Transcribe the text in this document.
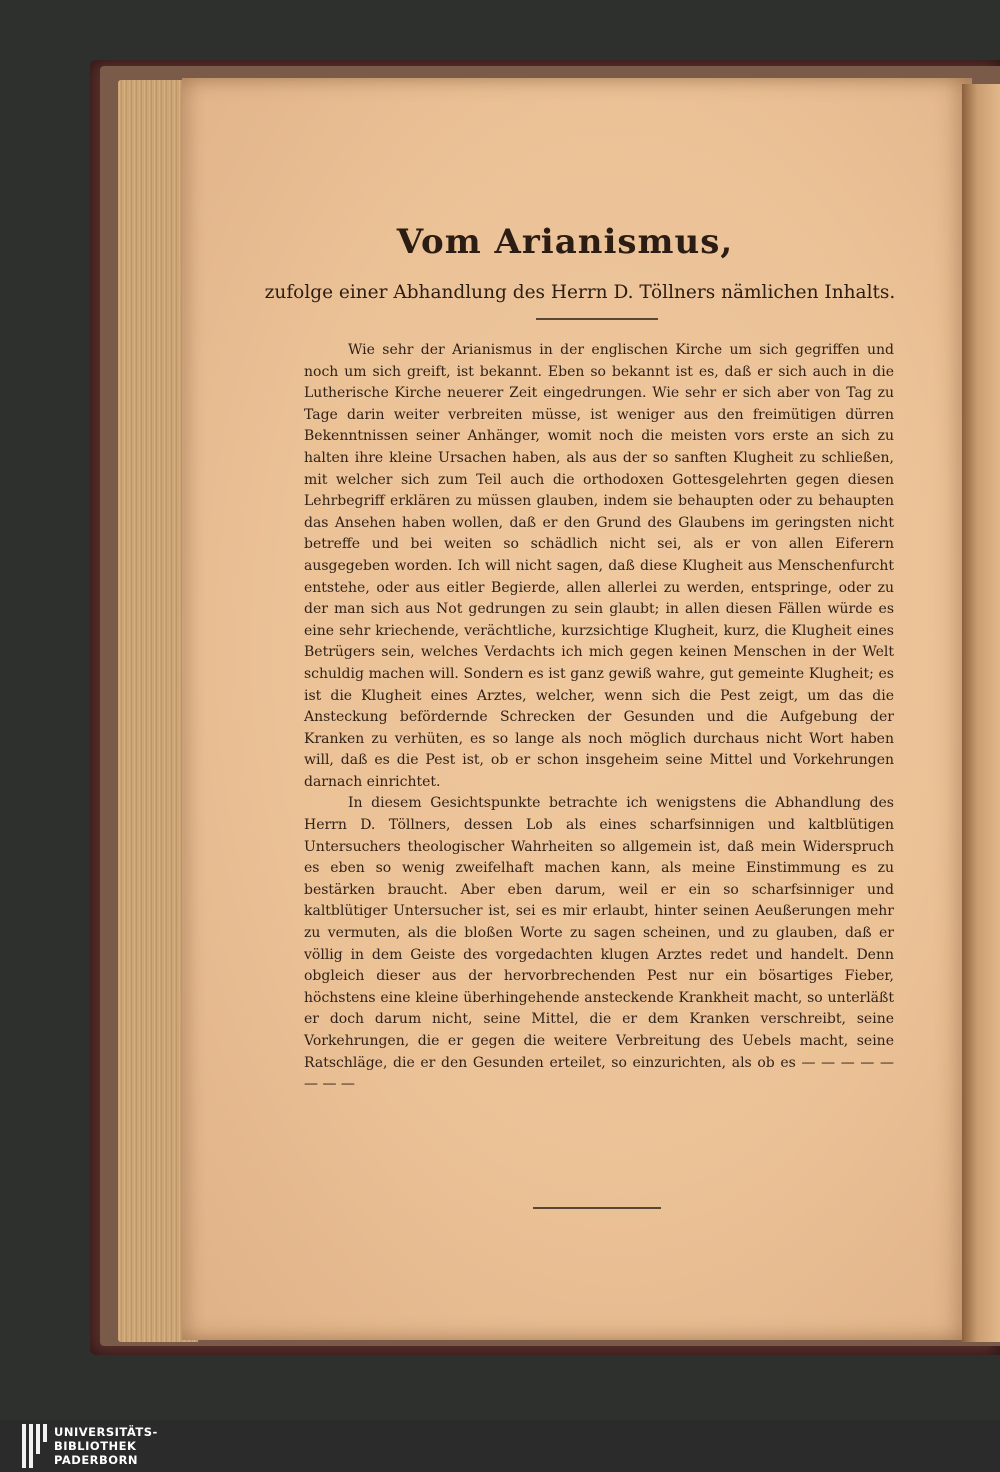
Vom Arianismus,
zufolge einer Abhandlung des Herrn D. Töllners nämlichen Inhalts.

Wie sehr der Arianismus in der englischen Kirche um sich gegriffen und noch um sich greift, ist bekannt. Eben so bekannt ist es, daß er sich auch in die Lutherische Kirche neuerer Zeit eingedrungen. Wie sehr er sich aber von Tag zu Tage darin weiter verbreiten müsse, ist weniger aus den freimütigen dürren Bekenntnissen seiner Anhänger, womit noch die meisten vors erste an sich zu halten ihre kleine Ursachen haben, als aus der so sanften Klugheit zu schließen, mit welcher sich zum Teil auch die orthodoxen Gottesgelehrten gegen diesen Lehrbegriff erklären zu müssen glauben, indem sie behaupten oder zu behaupten das Ansehen haben wollen, daß er den Grund des Glaubens im geringsten nicht betreffe und bei weiten so schädlich nicht sei, als er von allen Eiferern ausgegeben worden. Ich will nicht sagen, daß diese Klugheit aus Menschenfurcht entstehe, oder aus eitler Begierde, allen allerlei zu werden, entspringe, oder zu der man sich aus Not gedrungen zu sein glaubt; in allen diesen Fällen würde es eine sehr kriechende, verächtliche, kurzsichtige Klugheit, kurz, die Klugheit eines Betrügers sein, welches Verdachts ich mich gegen keinen Menschen in der Welt schuldig machen will. Sondern es ist ganz gewiß wahre, gut gemeinte Klugheit; es ist die Klugheit eines Arztes, welcher, wenn sich die Pest zeigt, um das die Ansteckung befördernde Schrecken der Gesunden und die Aufgebung der Kranken zu verhüten, es so lange als noch möglich durchaus nicht Wort haben will, daß es die Pest ist, ob er schon insgeheim seine Mittel und Vorkehrungen darnach einrichtet.

In diesem Gesichtspunkte betrachte ich wenigstens die Abhandlung des Herrn D. Töllners, dessen Lob als eines scharfsinnigen und kaltblütigen Untersuchers theologischer Wahrheiten so allgemein ist, daß mein Widerspruch es eben so wenig zweifelhaft machen kann, als meine Einstimmung es zu bestärken braucht. Aber eben darum, weil er ein so scharfsinniger und kaltblütiger Untersucher ist, sei es mir erlaubt, hinter seinen Aeußerungen mehr zu vermuten, als die bloßen Worte zu sagen scheinen, und zu glauben, daß er völlig in dem Geiste des vorgedachten klugen Arztes redet und handelt. Denn obgleich dieser aus der hervorbrechenden Pest nur ein bösartiges Fieber, höchstens eine kleine überhingehende ansteckende Krankheit macht, so unterläßt er doch darum nicht, seine Mittel, die er dem Kranken verschreibt, seine Vorkehrungen, die er gegen die weitere Verbreitung des Uebels macht, seine Ratschläge, die er den Gesunden erteilet, so einzurichten, als ob es — — — — — — — —

UNIVERSITÄTS-
BIBLIOTHEK
PADERBORN
